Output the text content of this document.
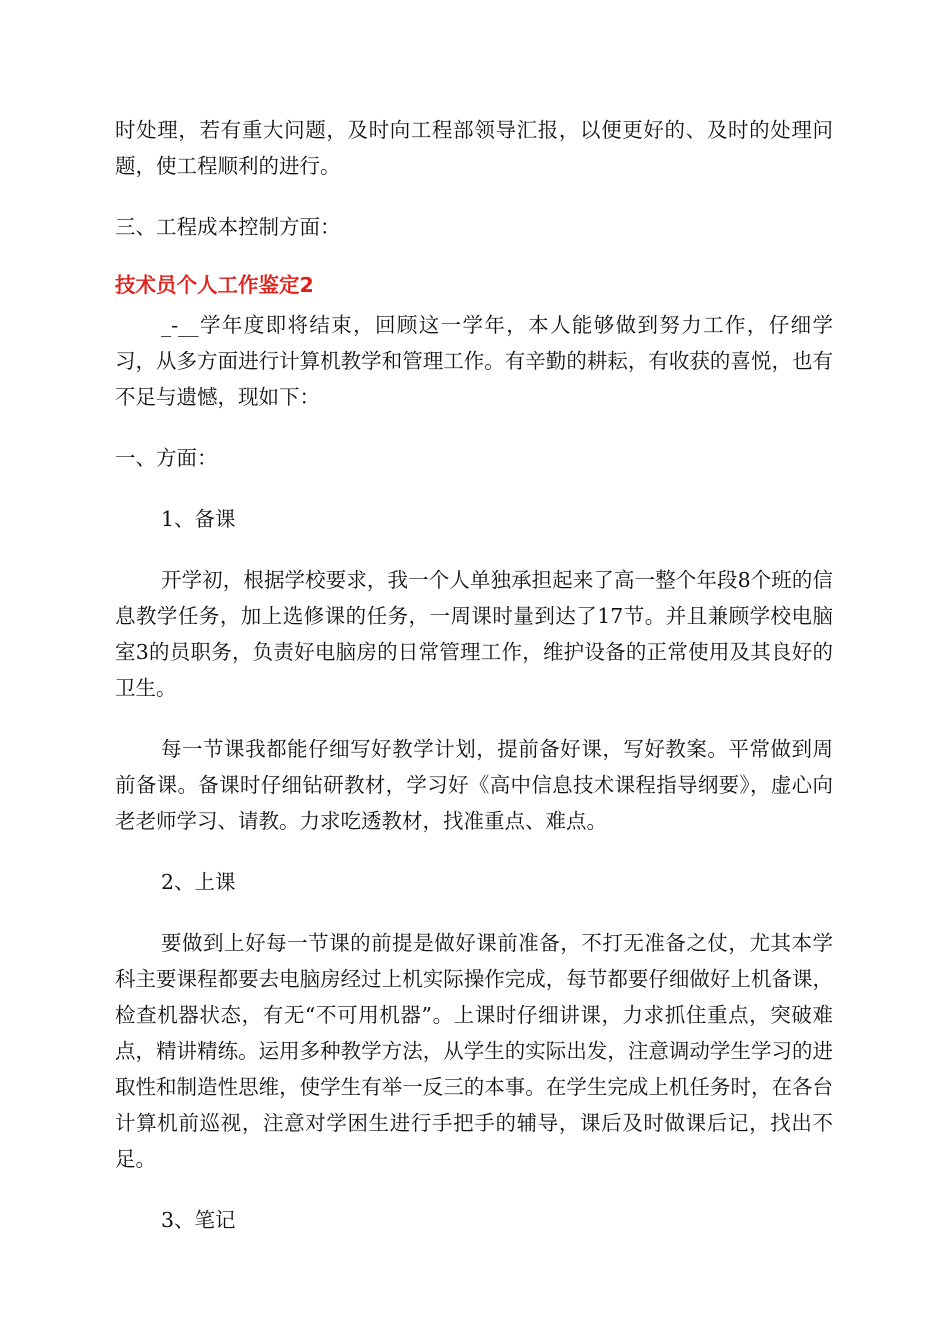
时处理，若有重大问题，及时向工程部领导汇报，以便更好的、及时的处理问题，使工程顺利的进行。

三、工程成本控制方面：

技术员个人工作鉴定2

_-__学年度即将结束，回顾这一学年，本人能够做到努力工作，仔细学习，从多方面进行计算机教学和管理工作。有辛勤的耕耘，有收获的喜悦，也有不足与遗憾，现如下：

一、方面：

1、备课

开学初，根据学校要求，我一个人单独承担起来了高一整个年段8个班的信息教学任务，加上选修课的任务，一周课时量到达了17节。并且兼顾学校电脑室3的员职务，负责好电脑房的日常管理工作，维护设备的正常使用及其良好的卫生。

每一节课我都能仔细写好教学计划，提前备好课，写好教案。平常做到周前备课。备课时仔细钻研教材，学习好《高中信息技术课程指导纲要》，虚心向老老师学习、请教。力求吃透教材，找准重点、难点。

2、上课

要做到上好每一节课的前提是做好课前准备，不打无准备之仗，尤其本学科主要课程都要去电脑房经过上机实际操作完成，每节都要仔细做好上机备课，检查机器状态，有无“不可用机器”。上课时仔细讲课，力求抓住重点，突破难点，精讲精练。运用多种教学方法，从学生的实际出发，注意调动学生学习的进取性和制造性思维，使学生有举一反三的本事。在学生完成上机任务时，在各台计算机前巡视，注意对学困生进行手把手的辅导，课后及时做课后记，找出不足。

3、笔记
